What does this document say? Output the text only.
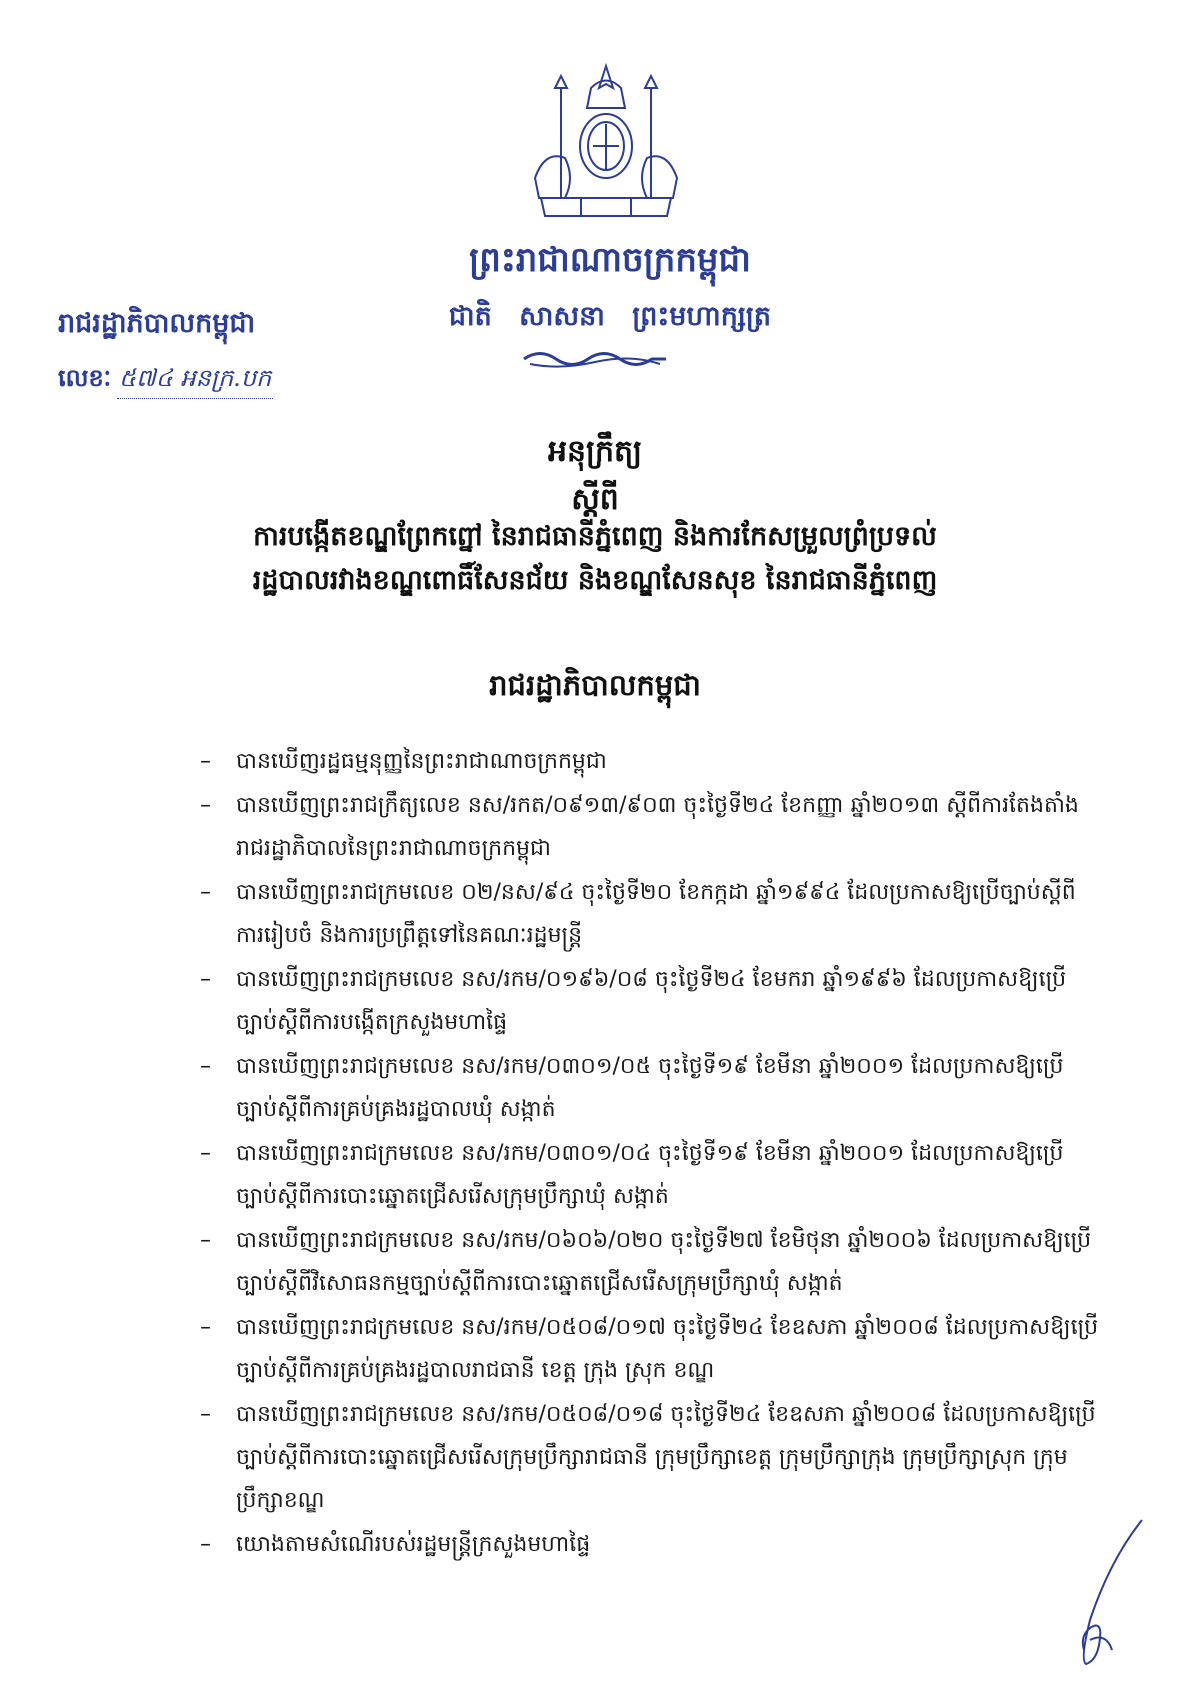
ព្រះរាជាណាចក្រកម្ពុជា
ជាតិ សាសនា ព្រះមហាក្សត្រ
រាជរដ្ឋាភិបាលកម្ពុជា
លេខៈ ៥៧៤ អនក្រ.បក
អនុក្រឹត្យ
ស្ដីពី
ការបង្កើតខណ្ឌព្រែកព្នៅ នៃរាជធានីភ្នំពេញ និងការកែសម្រួលព្រំប្រទល់
រដ្ឋបាលរវាងខណ្ឌពោធិ៍សែនជ័យ និងខណ្ឌសែនសុខ នៃរាជធានីភ្នំពេញ
រាជរដ្ឋាភិបាលកម្ពុជា
– បានឃើញរដ្ឋធម្មនុញ្ញនៃព្រះរាជាណាចក្រកម្ពុជា
– បានឃើញព្រះរាជក្រឹត្យលេខ នស/រកត/០៩១៣/៩០៣ ចុះថ្ងៃទី២៤ ខែកញ្ញា ឆ្នាំ២០១៣ ស្តីពីការតែងតាំងរាជរដ្ឋាភិបាលនៃព្រះរាជាណាចក្រកម្ពុជា
– បានឃើញព្រះរាជក្រមលេខ ០២/នស/៩៤ ចុះថ្ងៃទី២០ ខែកក្កដា ឆ្នាំ១៩៩៤ ដែលប្រកាសឱ្យប្រើច្បាប់ស្តីពីការរៀបចំ និងការប្រព្រឹត្តទៅនៃគណៈរដ្ឋមន្ត្រី
– បានឃើញព្រះរាជក្រមលេខ នស/រកម/០១៩៦/០៨ ចុះថ្ងៃទី២៤ ខែមករា ឆ្នាំ១៩៩៦ ដែលប្រកាសឱ្យប្រើច្បាប់ស្តីពីការបង្កើតក្រសួងមហាផ្ទៃ
– បានឃើញព្រះរាជក្រមលេខ នស/រកម/០៣០១/០៥ ចុះថ្ងៃទី១៩ ខែមីនា ឆ្នាំ២០០១ ដែលប្រកាសឱ្យប្រើច្បាប់ស្តីពីការគ្រប់គ្រងរដ្ឋបាលឃុំ សង្កាត់
– បានឃើញព្រះរាជក្រមលេខ នស/រកម/០៣០១/០៤ ចុះថ្ងៃទី១៩ ខែមីនា ឆ្នាំ២០០១ ដែលប្រកាសឱ្យប្រើច្បាប់ស្តីពីការបោះឆ្នោតជ្រើសរើសក្រុមប្រឹក្សាឃុំ សង្កាត់
– បានឃើញព្រះរាជក្រមលេខ នស/រកម/០៦០៦/០២០ ចុះថ្ងៃទី២៧ ខែមិថុនា ឆ្នាំ២០០៦ ដែលប្រកាសឱ្យប្រើច្បាប់ស្តីពីវិសោធនកម្មច្បាប់ស្តីពីការបោះឆ្នោតជ្រើសរើសក្រុមប្រឹក្សាឃុំ សង្កាត់
– បានឃើញព្រះរាជក្រមលេខ នស/រកម/០៥០៨/០១៧ ចុះថ្ងៃទី២៤ ខែឧសភា ឆ្នាំ២០០៨ ដែលប្រកាសឱ្យប្រើច្បាប់ស្តីពីការគ្រប់គ្រងរដ្ឋបាលរាជធានី ខេត្ត ក្រុង ស្រុក ខណ្ឌ
– បានឃើញព្រះរាជក្រមលេខ នស/រកម/០៥០៨/០១៨ ចុះថ្ងៃទី២៤ ខែឧសភា ឆ្នាំ២០០៨ ដែលប្រកាសឱ្យប្រើច្បាប់ស្តីពីការបោះឆ្នោតជ្រើសរើសក្រុមប្រឹក្សារាជធានី ក្រុមប្រឹក្សាខេត្ត ក្រុមប្រឹក្សាក្រុង ក្រុមប្រឹក្សាស្រុក ក្រុមប្រឹក្សាខណ្ឌ
– យោងតាមសំណើរបស់រដ្ឋមន្ត្រីក្រសួងមហាផ្ទៃ
